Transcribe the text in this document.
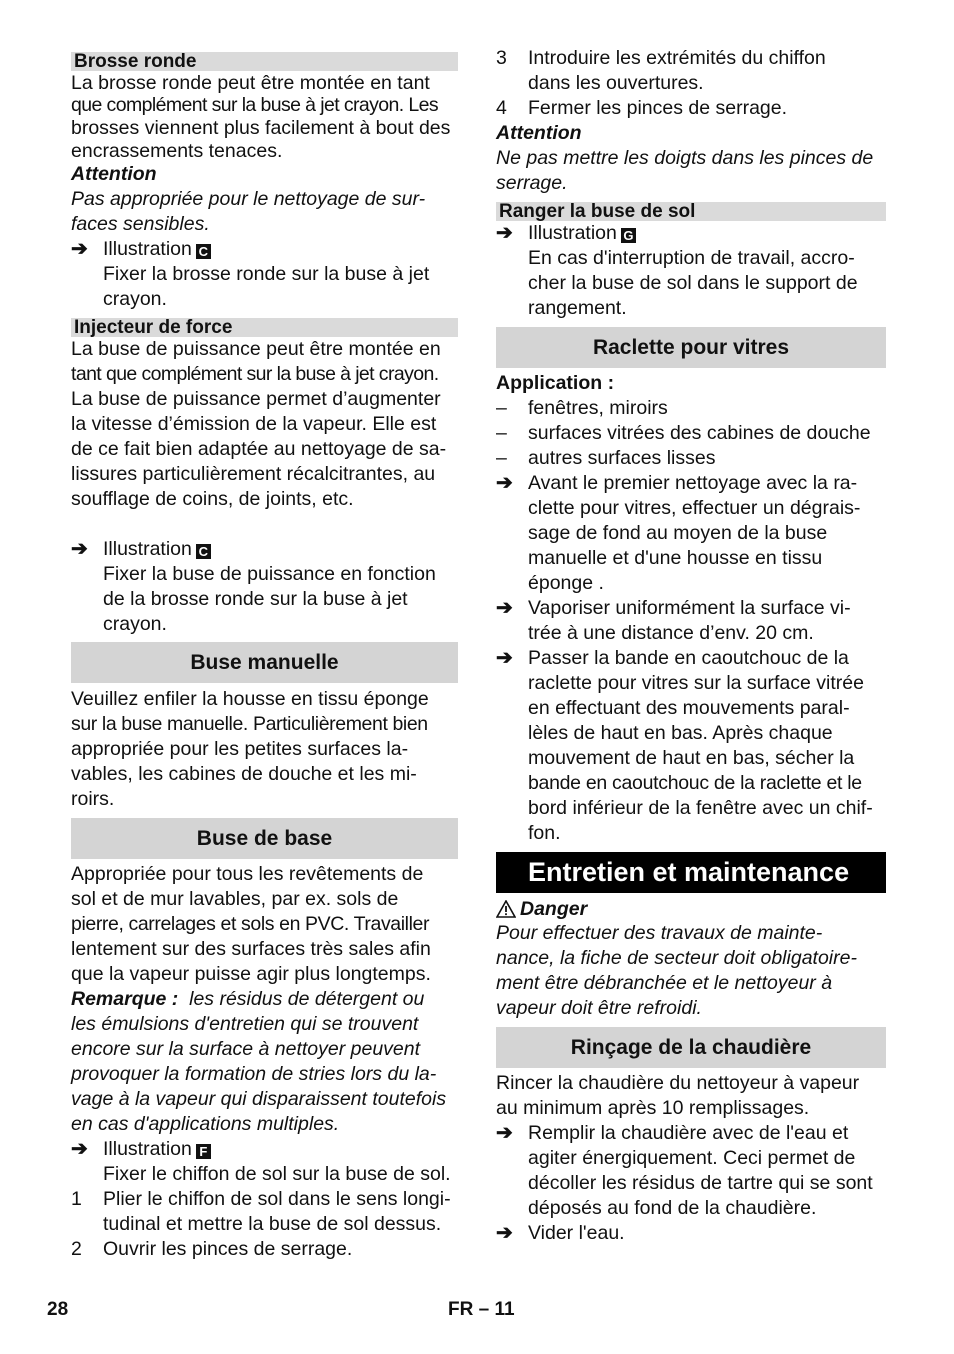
Brosse ronde
La brosse ronde peut être montée en tant
que complément sur la buse à jet crayon. Les
brosses viennent plus facilement à bout des
encrassements tenaces.
Attention
Pas appropriée pour le nettoyage de sur-
faces sensibles.
➔ Illustration C
Fixer la brosse ronde sur la buse à jet
crayon.
Injecteur de force
La buse de puissance peut être montée en
tant que complément sur la buse à jet crayon.
La buse de puissance permet d’augmenter
la vitesse d’émission de la vapeur. Elle est
de ce fait bien adaptée au nettoyage de sa-
lissures particulièrement récalcitrantes, au
soufflage de coins, de joints, etc.
➔ Illustration C
Fixer la buse de puissance en fonction
de la brosse ronde sur la buse à jet
crayon.
Buse manuelle
Veuillez enfiler la housse en tissu éponge
sur la buse manuelle. Particulièrement bien
appropriée pour les petites surfaces la-
vables, les cabines de douche et les mi-
roirs.
Buse de base
Appropriée pour tous les revêtements de
sol et de mur lavables, par ex. sols de
pierre, carrelages et sols en PVC. Travailler
lentement sur des surfaces très sales afin
que la vapeur puisse agir plus longtemps.
Remarque : les résidus de détergent ou
les émulsions d'entretien qui se trouvent
encore sur la surface à nettoyer peuvent
provoquer la formation de stries lors du la-
vage à la vapeur qui disparaissent toutefois
en cas d'applications multiples.
➔ Illustration F
Fixer le chiffon de sol sur la buse de sol.
1	Plier le chiffon de sol dans le sens longi-
tudinal et mettre la buse de sol dessus.
2	Ouvrir les pinces de serrage.
3	Introduire les extrémités du chiffon
dans les ouvertures.
4	Fermer les pinces de serrage.
Attention
Ne pas mettre les doigts dans les pinces de
serrage.
Ranger la buse de sol
➔ Illustration G
En cas d'interruption de travail, accro-
cher la buse de sol dans le support de
rangement.
Raclette pour vitres
Application :
–	fenêtres, miroirs
–	surfaces vitrées des cabines de douche
–	autres surfaces lisses
➔ Avant le premier nettoyage avec la ra-
clette pour vitres, effectuer un dégrais-
sage de fond au moyen de la buse
manuelle et d'une housse en tissu
éponge .
➔ Vaporiser uniformément la surface vi-
trée à une distance d’env. 20 cm.
➔ Passer la bande en caoutchouc de la
raclette pour vitres sur la surface vitrée
en effectuant des mouvements paral-
lèles de haut en bas. Après chaque
mouvement de haut en bas, sécher la
bande en caoutchouc de la raclette et le
bord inférieur de la fenêtre avec un chif-
fon.
Entretien et maintenance
Danger
Pour effectuer des travaux de mainte-
nance, la fiche de secteur doit obligatoire-
ment être débranchée et le nettoyeur à
vapeur doit être refroidi.
Rinçage de la chaudière
Rincer la chaudière du nettoyeur à vapeur
au minimum après 10 remplissages.
➔ Remplir la chaudière avec de l'eau et
agiter énergiquement. Ceci permet de
décoller les résidus de tartre qui se sont
déposés au fond de la chaudière.
➔ Vider l'eau.
28	FR – 11
